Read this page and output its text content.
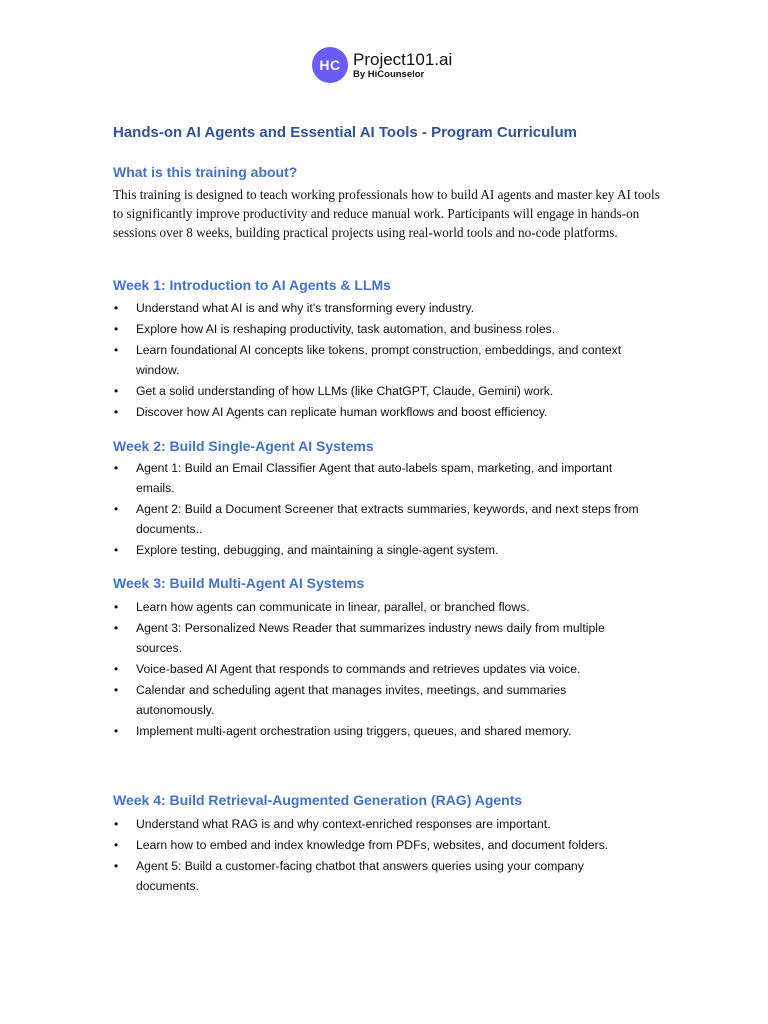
HC Project101.ai
By HiCounselor
Hands-on AI Agents and Essential AI Tools - Program Curriculum
What is this training about?

This training is designed to teach working professionals how to build AI agents and master key AI tools to significantly improve productivity and reduce manual work. Participants will engage in hands-on sessions over 8 weeks, building practical projects using real-world tools and no-code platforms.

Week 1: Introduction to AI Agents & LLMs
• Understand what AI is and why it's transforming every industry.
• Explore how AI is reshaping productivity, task automation, and business roles.
• Learn foundational AI concepts like tokens, prompt construction, embeddings, and context window.
• Get a solid understanding of how LLMs (like ChatGPT, Claude, Gemini) work.
• Discover how AI Agents can replicate human workflows and boost efficiency.
Week 2: Build Single-Agent AI Systems
• Agent 1: Build an Email Classifier Agent that auto-labels spam, marketing, and important emails.
• Agent 2: Build a Document Screener that extracts summaries, keywords, and next steps from documents..
• Explore testing, debugging, and maintaining a single-agent system.
Week 3: Build Multi-Agent AI Systems
• Learn how agents can communicate in linear, parallel, or branched flows.
• Agent 3: Personalized News Reader that summarizes industry news daily from multiple sources.
• Voice-based AI Agent that responds to commands and retrieves updates via voice.
• Calendar and scheduling agent that manages invites, meetings, and summaries autonomously.
• Implement multi-agent orchestration using triggers, queues, and shared memory.
Week 4: Build Retrieval-Augmented Generation (RAG) Agents
• Understand what RAG is and why context-enriched responses are important.
• Learn how to embed and index knowledge from PDFs, websites, and document folders.
• Agent 5: Build a customer-facing chatbot that answers queries using your company documents.
